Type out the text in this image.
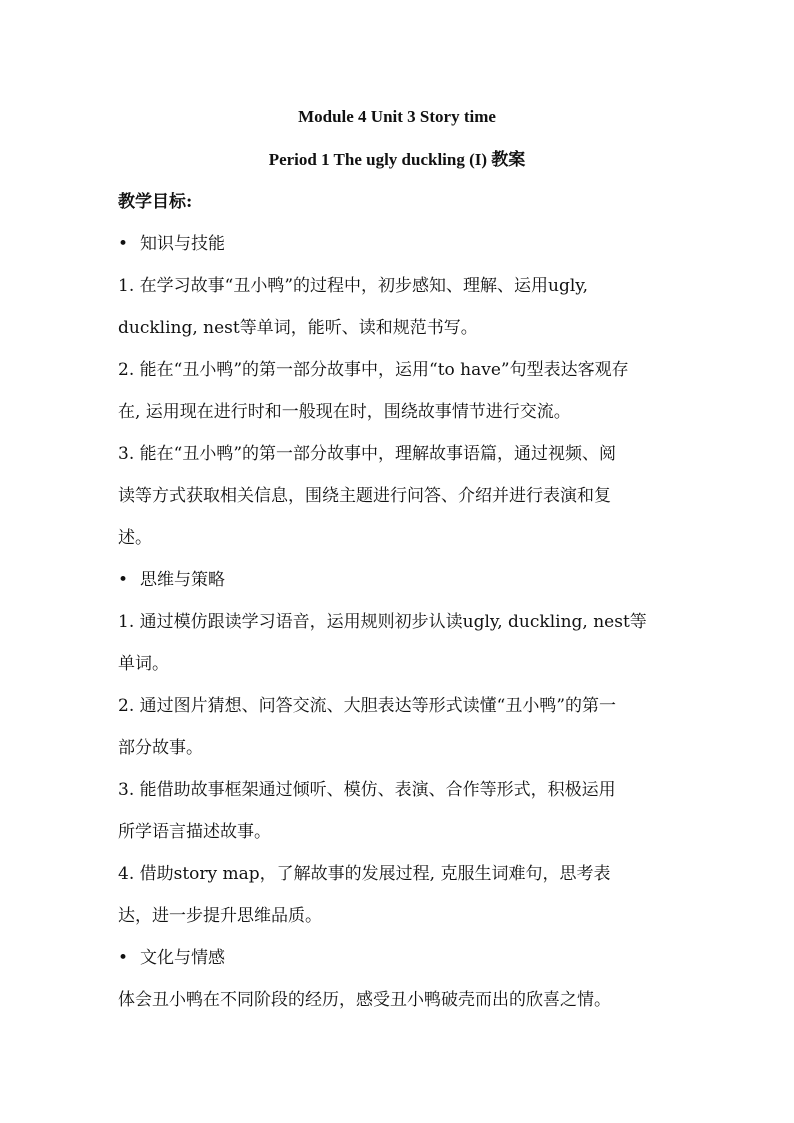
Module 4 Unit 3 Story time
Period 1 The ugly duckling (I) 教案
教学目标:
• 知识与技能
1. 在学习故事“丑小鸭”的过程中，初步感知、理解、运用ugly,
duckling, nest等单词，能听、读和规范书写。
2. 能在“丑小鸭”的第一部分故事中，运用“to have”句型表达客观存
在, 运用现在进行时和一般现在时，围绕故事情节进行交流。
3. 能在“丑小鸭”的第一部分故事中，理解故事语篇，通过视频、阅
读等方式获取相关信息，围绕主题进行问答、介绍并进行表演和复
述。
• 思维与策略
1. 通过模仿跟读学习语音，运用规则初步认读ugly, duckling, nest等
单词。
2. 通过图片猜想、问答交流、大胆表达等形式读懂“丑小鸭”的第一
部分故事。
3. 能借助故事框架通过倾听、模仿、表演、合作等形式，积极运用
所学语言描述故事。
4. 借助story map，了解故事的发展过程, 克服生词难句，思考表
达，进一步提升思维品质。
• 文化与情感
体会丑小鸭在不同阶段的经历，感受丑小鸭破壳而出的欣喜之情。
